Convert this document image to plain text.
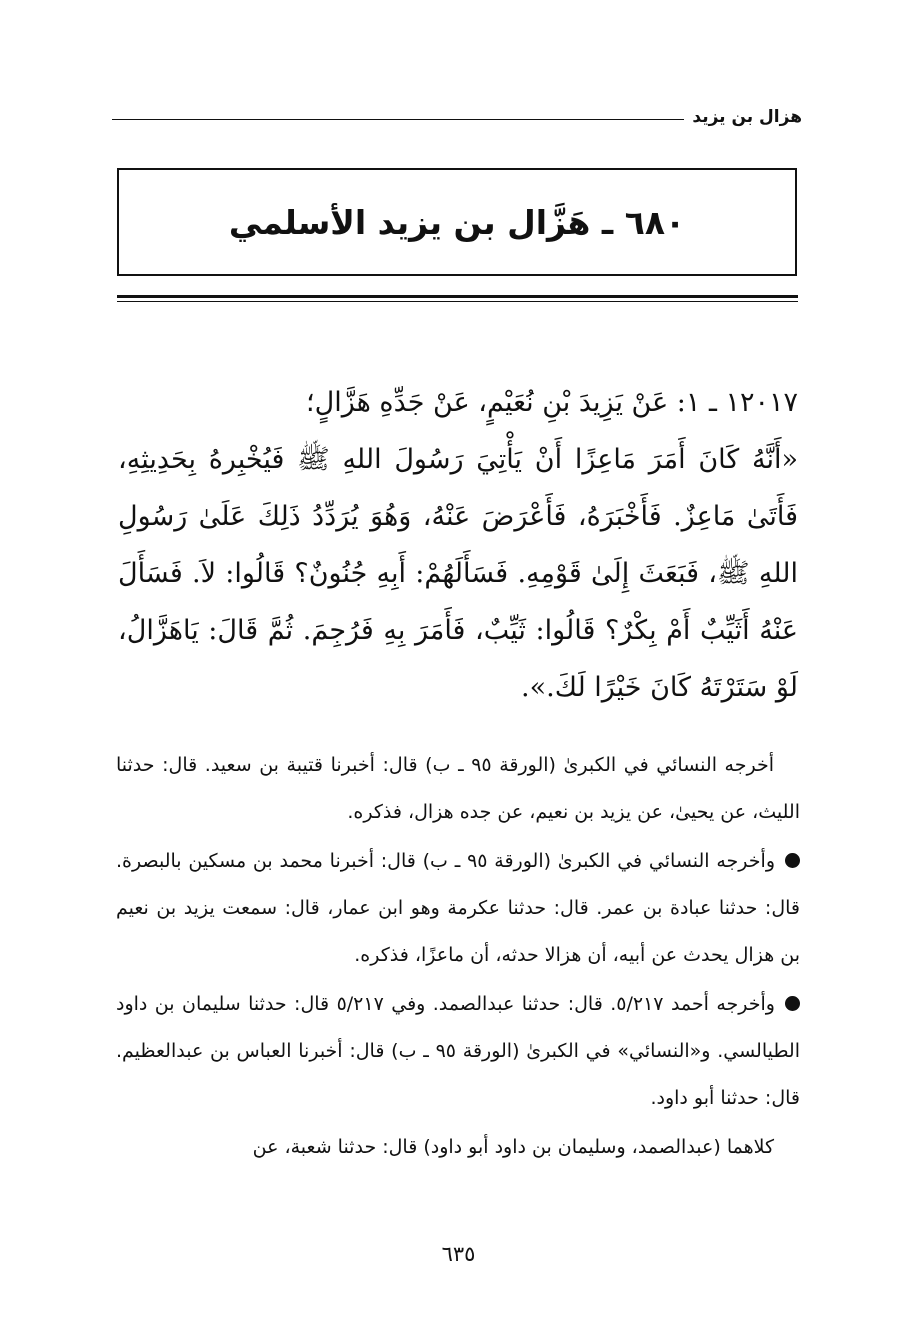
هزال بن يزيد
٦٨٠ ـ هَزَّال بن يزيد الأسلمي

١٢٠١٧ ـ ١: عَنْ يَزِيدَ بْنِ نُعَيْمٍ، عَنْ جَدِّهِ هَزَّالٍ؛

«أَنَّهُ كَانَ أَمَرَ مَاعِزًا أَنْ يَأْتِيَ رَسُولَ اللهِ ﷺ فَيُخْبِرهُ بِحَدِيثِهِ، فَأَتَىٰ مَاعِزٌ. فَأَخْبَرَهُ، فَأَعْرَضَ عَنْهُ، وَهُوَ يُرَدِّدُ ذَلِكَ عَلَىٰ رَسُولِ اللهِ ﷺ، فَبَعَثَ إِلَىٰ قَوْمِهِ. فَسَأَلَهُمْ: أَبِهِ جُنُونٌ؟ قَالُوا: لاَ. فَسَأَلَ عَنْهُ أَثَيِّبٌ أَمْ بِكْرٌ؟ قَالُوا: ثَيِّبٌ، فَأَمَرَ بِهِ فَرُجِمَ. ثُمَّ قَالَ: يَاهَزَّالُ، لَوْ سَتَرْتَهُ كَانَ خَيْرًا لَكَ.».

أخرجه النسائي في الكبرىٰ (الورقة ٩٥ ـ ب) قال: أخبرنا قتيبة بن سعيد. قال: حدثنا الليث، عن يحيىٰ، عن يزيد بن نعيم، عن جده هزال، فذكره.

وأخرجه النسائي في الكبرىٰ (الورقة ٩٥ ـ ب) قال: أخبرنا محمد بن مسكين بالبصرة. قال: حدثنا عبادة بن عمر. قال: حدثنا عكرمة وهو ابن عمار، قال: سمعت يزيد بن نعيم بن هزال يحدث عن أبيه، أن هزالا حدثه، أن ماعزًا، فذكره.

وأخرجه أحمد ٥/٢١٧. قال: حدثنا عبدالصمد. وفي ٥/٢١٧ قال: حدثنا سليمان بن داود الطيالسي. و«النسائي» في الكبرىٰ (الورقة ٩٥ ـ ب) قال: أخبرنا العباس بن عبدالعظيم. قال: حدثنا أبو داود.

كلاهما (عبدالصمد، وسليمان بن داود أبو داود) قال: حدثنا شعبة، عن

٦٣٥
